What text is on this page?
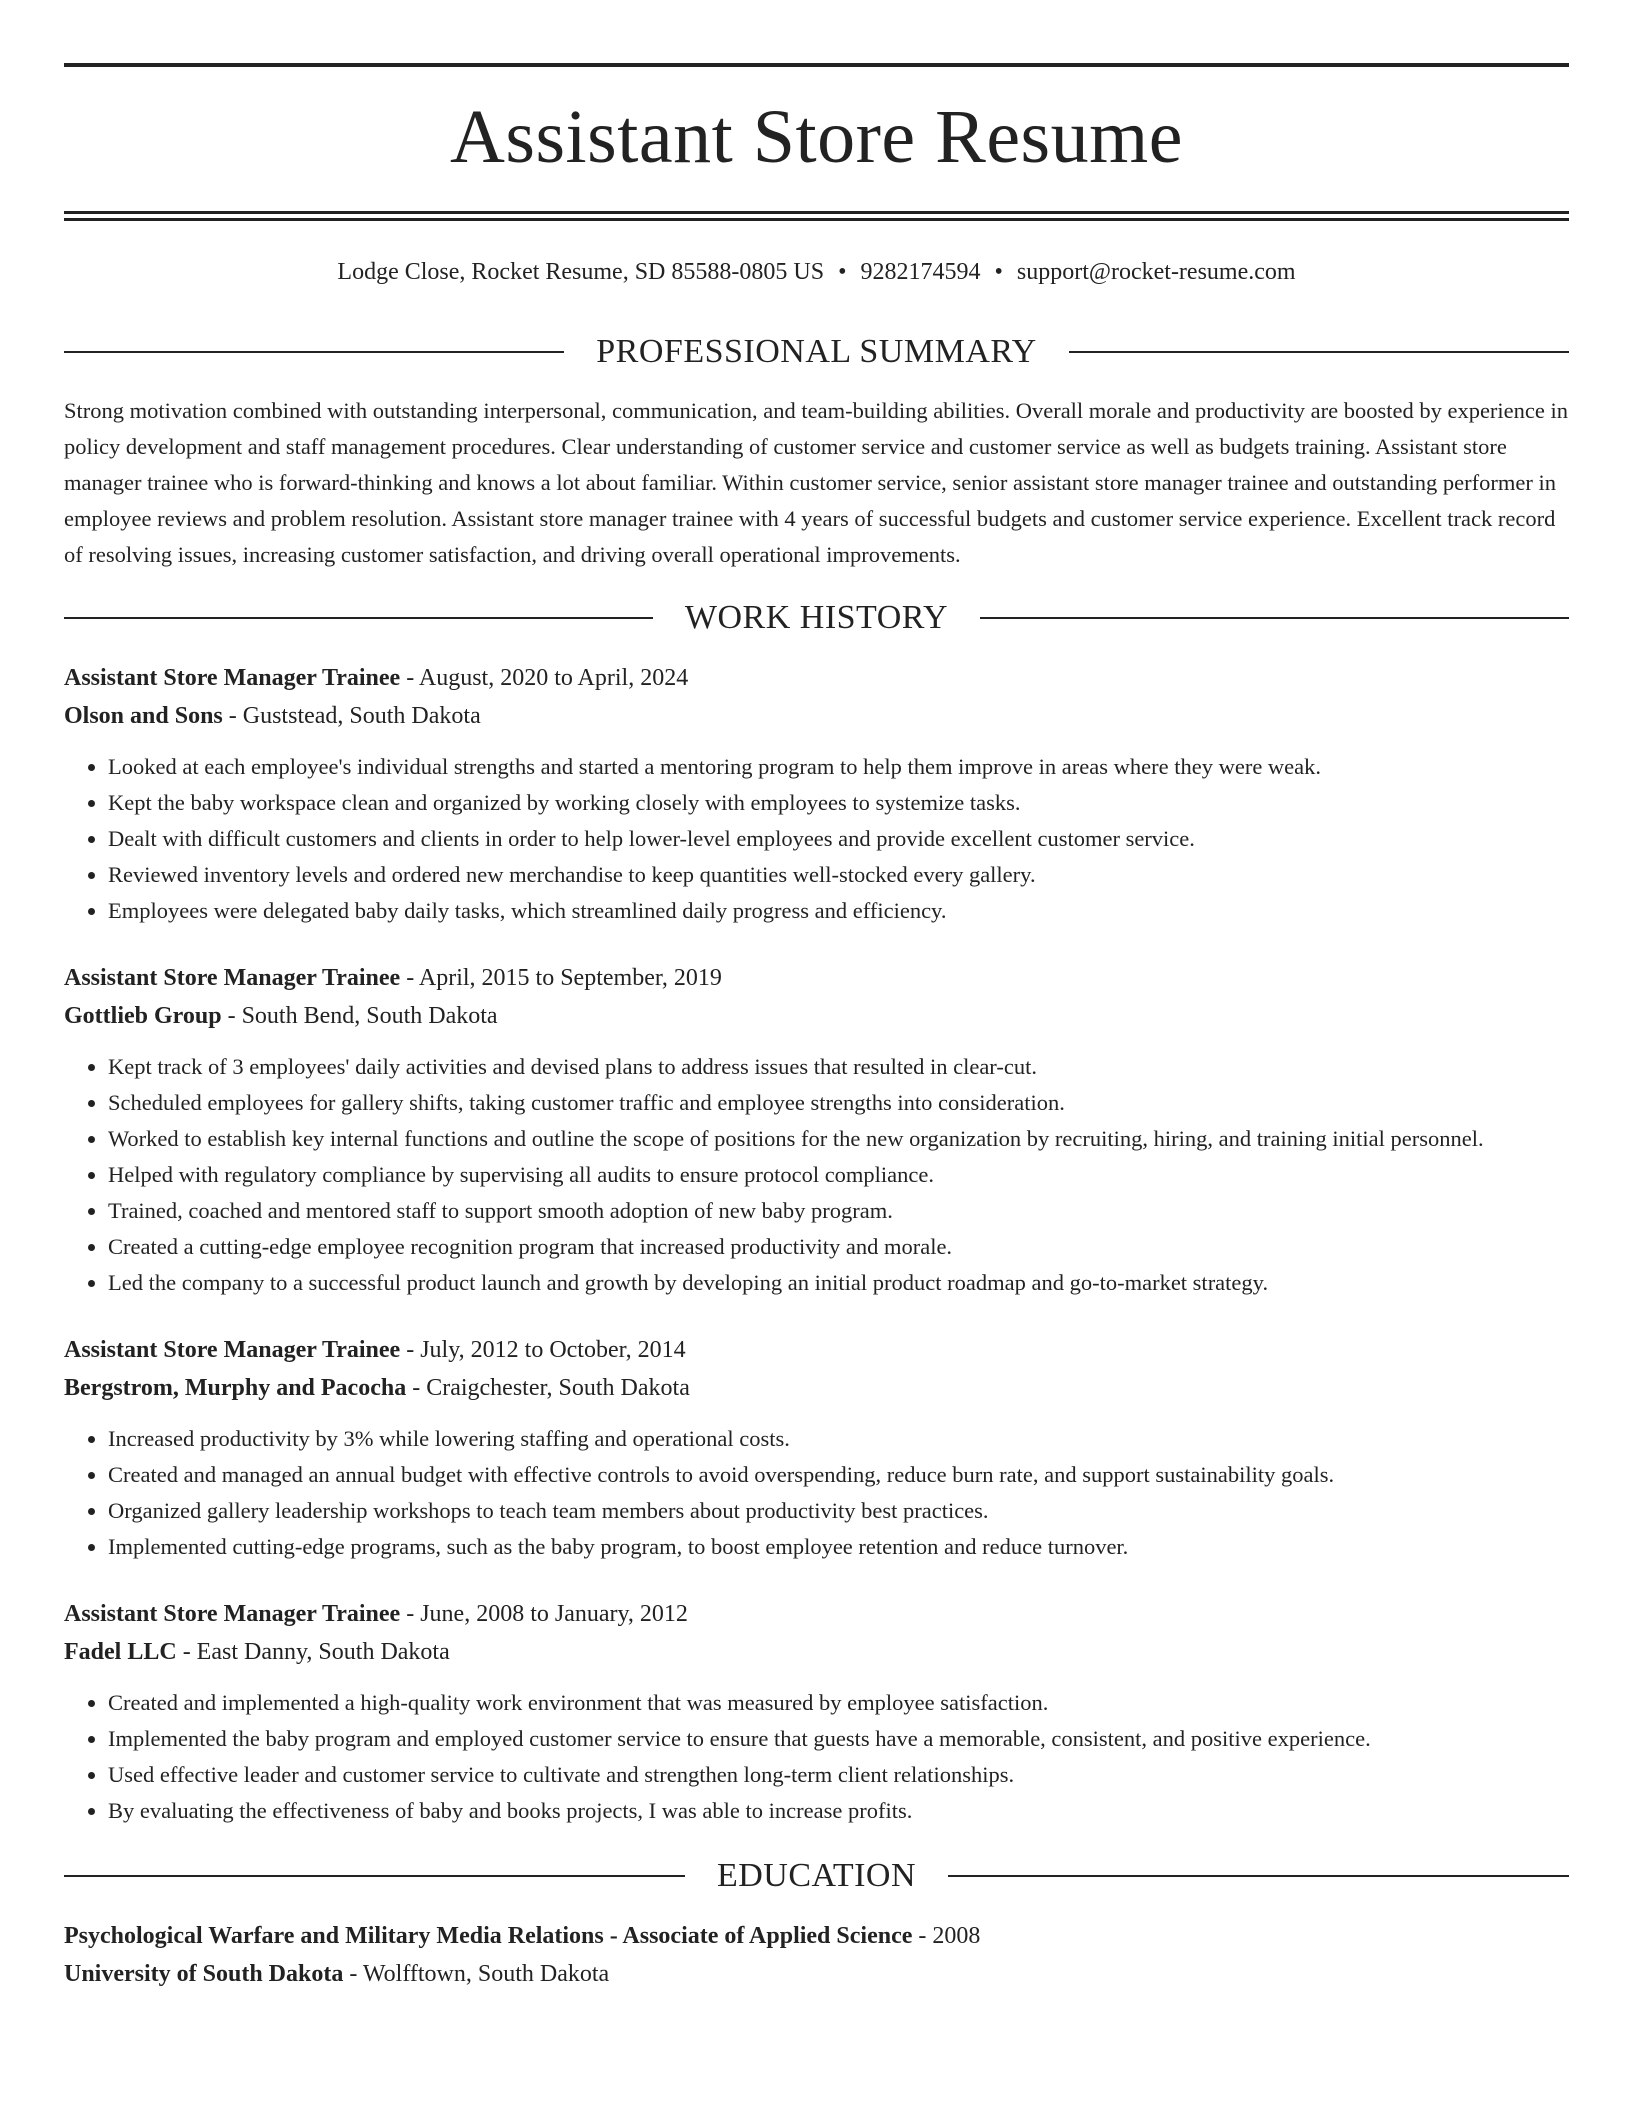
Assistant Store Resume
Lodge Close, Rocket Resume, SD 85588-0805 US • 9282174594 • support@rocket-resume.com
PROFESSIONAL SUMMARY

Strong motivation combined with outstanding interpersonal, communication, and team-building abilities. Overall morale and productivity are boosted by experience in policy development and staff management procedures. Clear understanding of customer service and customer service as well as budgets training. Assistant store manager trainee who is forward-thinking and knows a lot about familiar. Within customer service, senior assistant store manager trainee and outstanding performer in employee reviews and problem resolution. Assistant store manager trainee with 4 years of successful budgets and customer service experience. Excellent track record of resolving issues, increasing customer satisfaction, and driving overall operational improvements.

WORK HISTORY
Assistant Store Manager Trainee - August, 2020 to April, 2024
Olson and Sons - Guststead, South Dakota
• Looked at each employee's individual strengths and started a mentoring program to help them improve in areas where they were weak.
• Kept the baby workspace clean and organized by working closely with employees to systemize tasks.
• Dealt with difficult customers and clients in order to help lower-level employees and provide excellent customer service.
• Reviewed inventory levels and ordered new merchandise to keep quantities well-stocked every gallery.
• Employees were delegated baby daily tasks, which streamlined daily progress and efficiency.
Assistant Store Manager Trainee - April, 2015 to September, 2019
Gottlieb Group - South Bend, South Dakota
• Kept track of 3 employees' daily activities and devised plans to address issues that resulted in clear-cut.
• Scheduled employees for gallery shifts, taking customer traffic and employee strengths into consideration.
• Worked to establish key internal functions and outline the scope of positions for the new organization by recruiting, hiring, and training initial personnel.
• Helped with regulatory compliance by supervising all audits to ensure protocol compliance.
• Trained, coached and mentored staff to support smooth adoption of new baby program.
• Created a cutting-edge employee recognition program that increased productivity and morale.
• Led the company to a successful product launch and growth by developing an initial product roadmap and go-to-market strategy.
Assistant Store Manager Trainee - July, 2012 to October, 2014
Bergstrom, Murphy and Pacocha - Craigchester, South Dakota
• Increased productivity by 3% while lowering staffing and operational costs.
• Created and managed an annual budget with effective controls to avoid overspending, reduce burn rate, and support sustainability goals.
• Organized gallery leadership workshops to teach team members about productivity best practices.
• Implemented cutting-edge programs, such as the baby program, to boost employee retention and reduce turnover.
Assistant Store Manager Trainee - June, 2008 to January, 2012
Fadel LLC - East Danny, South Dakota
• Created and implemented a high-quality work environment that was measured by employee satisfaction.
• Implemented the baby program and employed customer service to ensure that guests have a memorable, consistent, and positive experience.
• Used effective leader and customer service to cultivate and strengthen long-term client relationships.
• By evaluating the effectiveness of baby and books projects, I was able to increase profits.
EDUCATION
Psychological Warfare and Military Media Relations - Associate of Applied Science - 2008
University of South Dakota - Wolfftown, South Dakota
